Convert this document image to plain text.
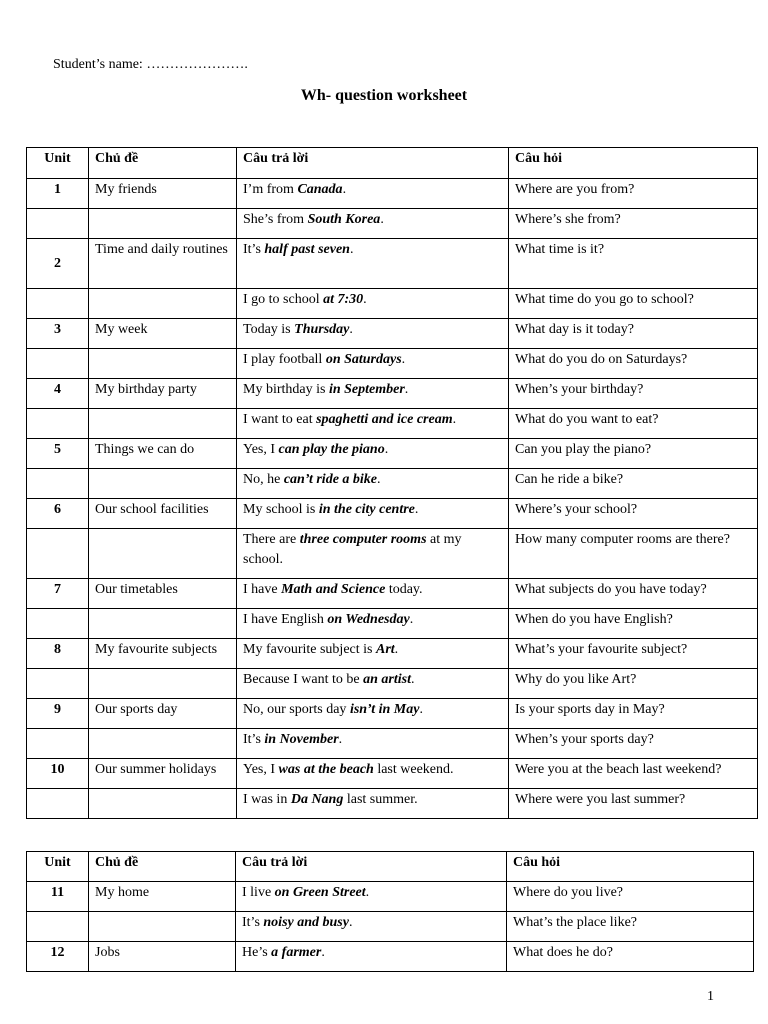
Student’s name: ………………….
Wh- question worksheet
Unit	Chủ đề	Câu trả lời	Câu hỏi
1	My friends	I’m from Canada.	Where are you from?
		She’s from South Korea.	Where’s she from?
2	Time and daily routines	It’s half past seven.	What time is it?
		I go to school at 7:30.	What time do you go to school?
3	My week	Today is Thursday.	What day is it today?
		I play football on Saturdays.	What do you do on Saturdays?
4	My birthday party	My birthday is in September.	When’s your birthday?
		I want to eat spaghetti and ice cream.	What do you want to eat?
5	Things we can do	Yes, I can play the piano.	Can you play the piano?
		No, he can’t ride a bike.	Can he ride a bike?
6	Our school facilities	My school is in the city centre.	Where’s your school?
		There are three computer rooms at my school.	How many computer rooms are there?
7	Our timetables	I have Math and Science today.	What subjects do you have today?
		I have English on Wednesday.	When do you have English?
8	My favourite subjects	My favourite subject is Art.	What’s your favourite subject?
		Because I want to be an artist.	Why do you like Art?
9	Our sports day	No, our sports day isn’t in May.	Is your sports day in May?
		It’s in November.	When’s your sports day?
10	Our summer holidays	Yes, I was at the beach last weekend.	Were you at the beach last weekend?
		I was in Da Nang last summer.	Where were you last summer?
Unit	Chủ đề	Câu trả lời	Câu hỏi
11	My home	I live on Green Street.	Where do you live?
		It’s noisy and busy.	What’s the place like?
12	Jobs	He’s a farmer.	What does he do?
1
